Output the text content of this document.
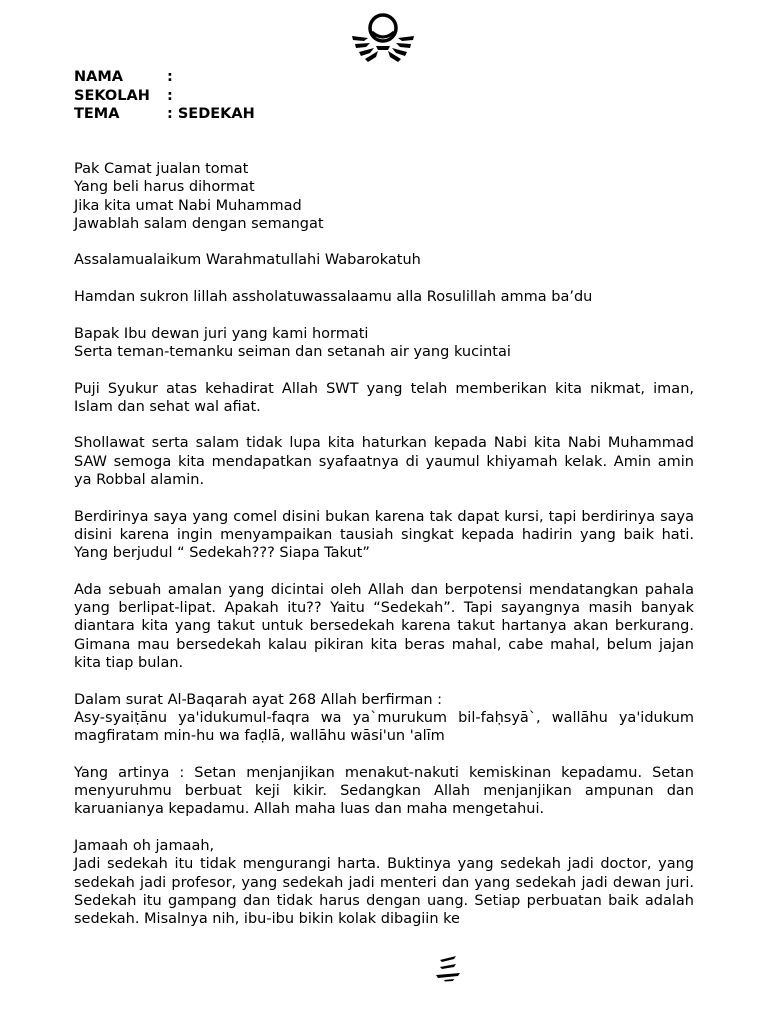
NAMA	:
SEKOLAH	:
TEMA	: SEDEKAH

Pak Camat jualan tomat
Yang beli harus dihormat
Jika kita umat Nabi Muhammad
Jawablah salam dengan semangat

Assalamualaikum Warahmatullahi Wabarokatuh

Hamdan sukron lillah assholatuwassalaamu alla Rosulillah amma ba’du

Bapak Ibu dewan juri yang kami hormati
Serta teman-temanku seiman dan setanah air yang kucintai

Puji Syukur atas kehadirat Allah SWT yang telah memberikan kita nikmat, iman, Islam dan sehat wal afiat.

Shollawat serta salam tidak lupa kita haturkan kepada Nabi kita Nabi Muhammad SAW semoga kita mendapatkan syafaatnya di yaumul khiyamah kelak. Amin amin ya Robbal alamin.

Berdirinya saya yang comel disini bukan karena tak dapat kursi, tapi berdirinya saya disini karena ingin menyampaikan tausiah singkat kepada hadirin yang baik hati. Yang berjudul “ Sedekah??? Siapa Takut”

Ada sebuah amalan yang dicintai oleh Allah dan berpotensi mendatangkan pahala yang berlipat-lipat. Apakah itu?? Yaitu “Sedekah”. Tapi sayangnya masih banyak diantara kita yang takut untuk bersedekah karena takut hartanya akan berkurang. Gimana mau bersedekah kalau pikiran kita beras mahal, cabe mahal, belum jajan kita tiap bulan.

Dalam surat Al-Baqarah ayat 268 Allah berfirman :
Asy-syaiṭānu ya'idukumul-faqra wa ya`murukum bil-faḥsyā`, wallāhu ya'idukum magfiratam min-hu wa faḍlā, wallāhu wāsi'un 'alīm

Yang artinya : Setan menjanjikan menakut-nakuti kemiskinan kepadamu. Setan menyuruhmu berbuat keji kikir. Sedangkan Allah menjanjikan ampunan dan karuanianya kepadamu. Allah maha luas dan maha mengetahui.

Jamaah oh jamaah,
Jadi sedekah itu tidak mengurangi harta. Buktinya yang sedekah jadi doctor, yang sedekah jadi profesor, yang sedekah jadi menteri dan yang sedekah jadi dewan juri. Sedekah itu gampang dan tidak harus dengan uang. Setiap perbuatan baik adalah sedekah. Misalnya nih, ibu-ibu bikin kolak dibagiin ke
